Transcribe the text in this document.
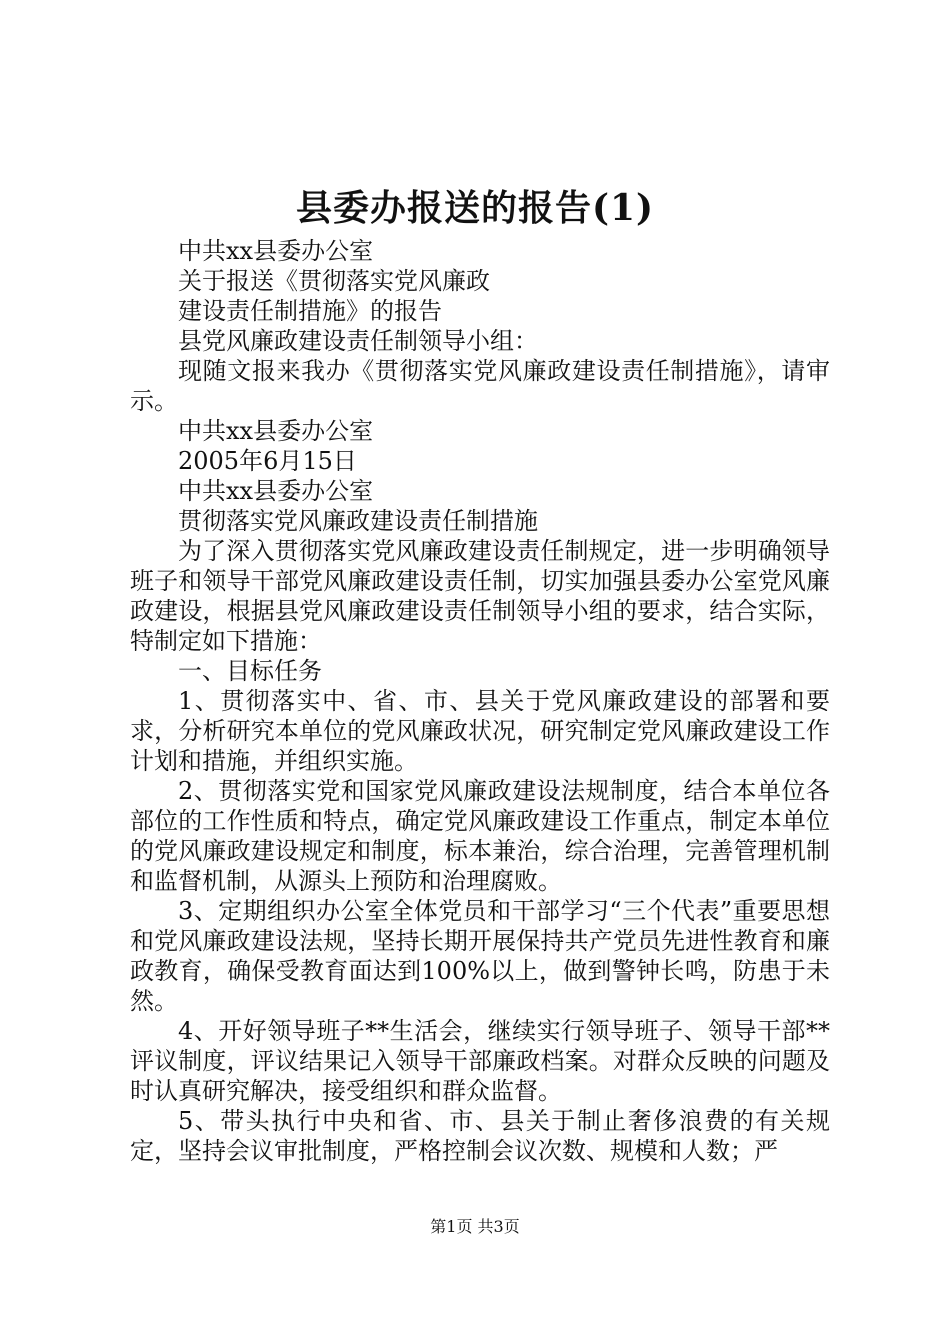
县委办报送的报告(1)

中共xx县委办公室

关于报送《贯彻落实党风廉政

建设责任制措施》的报告

县党风廉政建设责任制领导小组：

现随文报来我办《贯彻落实党风廉政建设责任制措施》，请审示。

中共xx县委办公室

2005年6月15日

中共xx县委办公室

贯彻落实党风廉政建设责任制措施

为了深入贯彻落实党风廉政建设责任制规定，进一步明确领导班子和领导干部党风廉政建设责任制，切实加强县委办公室党风廉政建设，根据县党风廉政建设责任制领导小组的要求，结合实际，特制定如下措施：

一、目标任务

1、贯彻落实中、省、市、县关于党风廉政建设的部署和要求，分析研究本单位的党风廉政状况，研究制定党风廉政建设工作计划和措施，并组织实施。

2、贯彻落实党和国家党风廉政建设法规制度，结合本单位各部位的工作性质和特点，确定党风廉政建设工作重点，制定本单位的党风廉政建设规定和制度，标本兼治，综合治理，完善管理机制和监督机制，从源头上预防和治理腐败。

3、定期组织办公室全体党员和干部学习“三个代表”重要思想和党风廉政建设法规，坚持长期开展保持共产党员先进性教育和廉政教育，确保受教育面达到100%以上，做到警钟长鸣，防患于未然。

4、开好领导班子**生活会，继续实行领导班子、领导干部**评议制度，评议结果记入领导干部廉政档案。对群众反映的问题及时认真研究解决，接受组织和群众监督。

5、带头执行中央和省、市、县关于制止奢侈浪费的有关规定，坚持会议审批制度，严格控制会议次数、规模和人数；严

第1页 共3页
